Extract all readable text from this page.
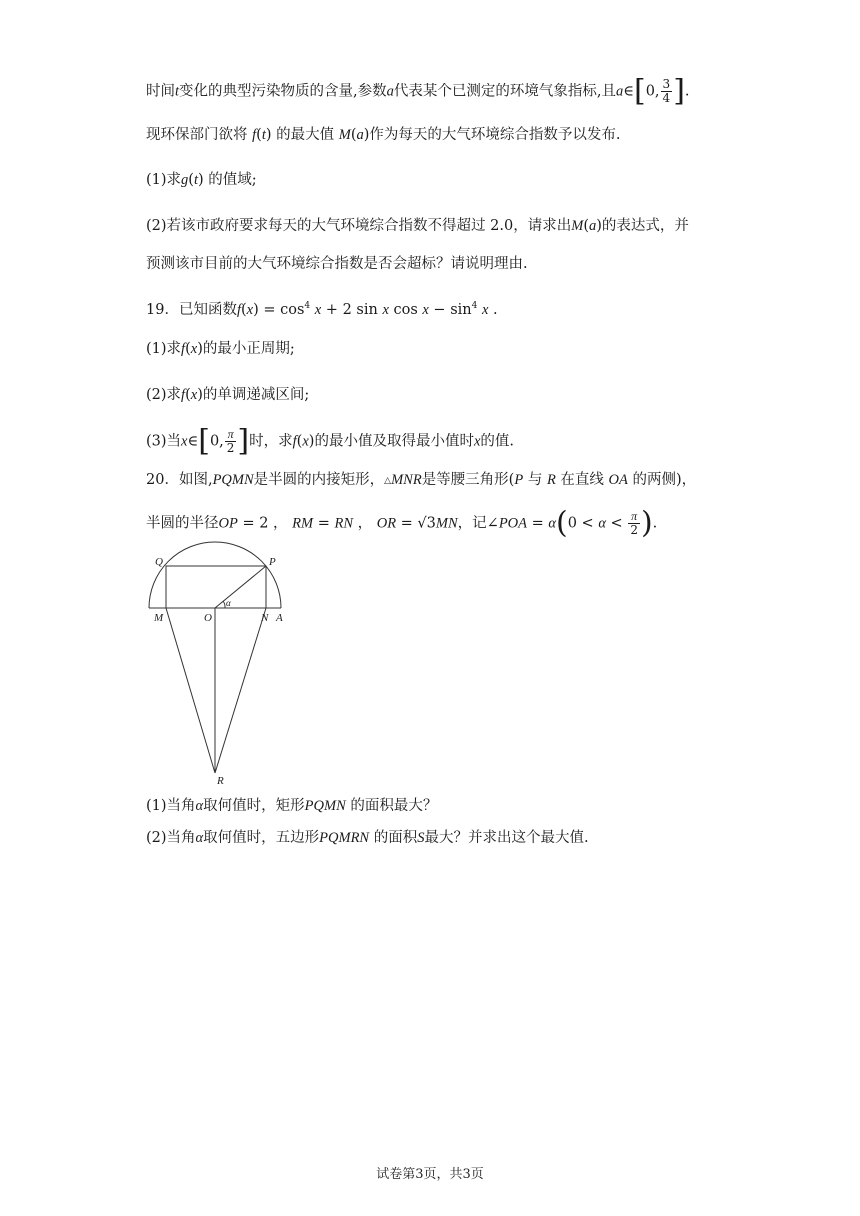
时间t变化的典型污染物质的含量,参数a代表某个已测定的环境气象指标,且a∈[0, $\frac{3}{4}$ ].
现环保部门欲将 f(t) 的最大值 M(a)作为每天的大气环境综合指数予以发布.
(1)求g(t) 的值域;
(2)若该市政府要求每天的大气环境综合指数不得超过 2.0，请求出M(a)的表达式，并
预测该市目前的大气环境综合指数是否会超标？请说明理由.
19．已知函数$f(x) = \cos^4 x + 2$ sin x $\cos x - \sin^4 x$ .
(1)求f(x)的最小正周期;
(2)求f(x)的单调递减区间;
(3)当x∈[0, $\frac{\pi}{2}$ ]时，求f(x)的最小值及取得最小值时x的值.
20．如图,PQMN是半圆的内接矩形，△MNR是等腰三角形(P 与 R 在直线 OA 的两侧)，
半圆的半径OP = 2 ， RM = RN ， OR = √3MN，记∠POA = $\alpha(0 < \alpha < \frac{\pi}{2}$ ).
Q	P
M	O	N A
R
α
(1)当角α取何值时，矩形PQMN 的面积最大？
(2)当角α取何值时，五边形PQMRN 的面积S最大？并求出这个最大值.
试卷第3页，共3页
